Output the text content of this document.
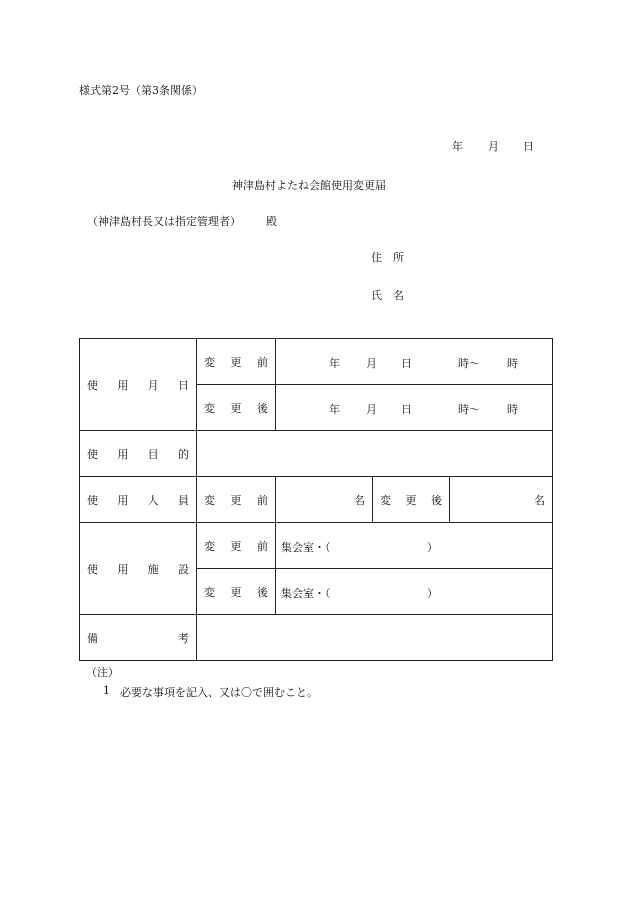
様式第2号（第3条関係）
年 月 日
神津島村よたね会館使用変更届
（神津島村長又は指定管理者） 殿
住　所
氏　名
使 用 月 日	変 更 前	年 月 日 時～ 時		

	変 更 後	年 月 日 時～ 時		

使 用 目 的				

使 用 人 員	変 更 前	名	変 更 後	名

使 用 施 設	変 更 前	集会室・（ ）		

	変 更 後	集会室・（ ）		

備 考				

（注）
1 必要な事項を記入、又は〇で囲むこと。
